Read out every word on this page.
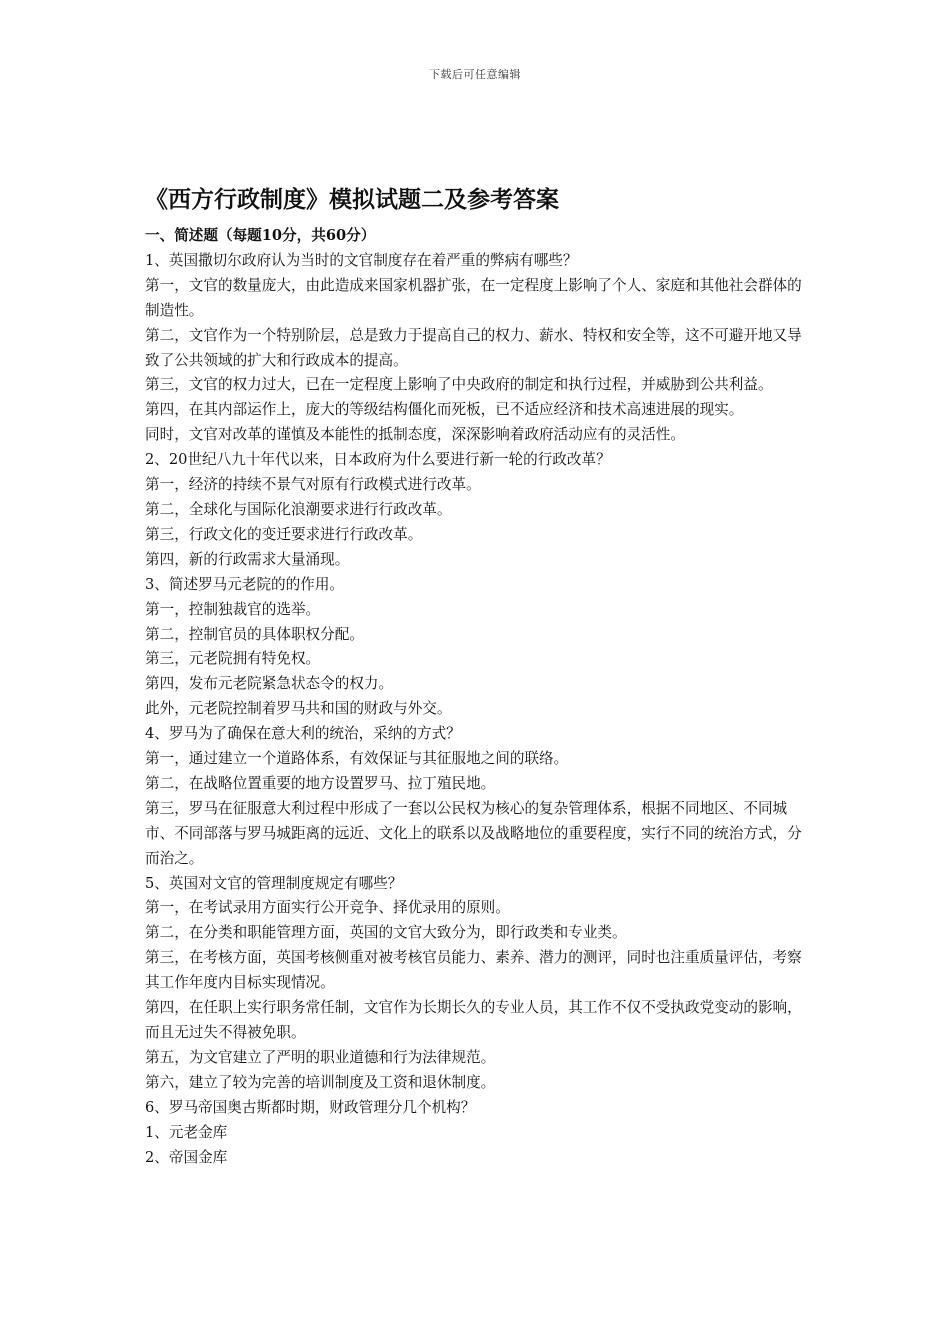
下载后可任意编辑
《西方行政制度》模拟试题二及参考答案

一、简述题（每题10分，共60分）

1、英国撒切尔政府认为当时的文官制度存在着严重的弊病有哪些？

第一，文官的数量庞大，由此造成来国家机器扩张，在一定程度上影响了个人、家庭和其他社会群体的制造性。

第二，文官作为一个特别阶层，总是致力于提高自己的权力、薪水、特权和安全等，这不可避开地又导致了公共领域的扩大和行政成本的提高。

第三，文官的权力过大，已在一定程度上影响了中央政府的制定和执行过程，并威胁到公共利益。

第四，在其内部运作上，庞大的等级结构僵化而死板，已不适应经济和技术高速进展的现实。

同时，文官对改革的谨慎及本能性的抵制态度，深深影响着政府活动应有的灵活性。

2、20世纪八九十年代以来，日本政府为什么要进行新一轮的行政改革？

第一，经济的持续不景气对原有行政模式进行改革。

第二，全球化与国际化浪潮要求进行行政改革。

第三，行政文化的变迁要求进行行政改革。

第四，新的行政需求大量涌现。

3、简述罗马元老院的的作用。

第一，控制独裁官的选举。

第二，控制官员的具体职权分配。

第三，元老院拥有特免权。

第四，发布元老院紧急状态令的权力。

此外，元老院控制着罗马共和国的财政与外交。

4、罗马为了确保在意大利的统治，采纳的方式？

第一，通过建立一个道路体系，有效保证与其征服地之间的联络。

第二，在战略位置重要的地方设置罗马、拉丁殖民地。

第三，罗马在征服意大利过程中形成了一套以公民权为核心的复杂管理体系，根据不同地区、不同城市、不同部落与罗马城距离的远近、文化上的联系以及战略地位的重要程度，实行不同的统治方式，分而治之。

5、英国对文官的管理制度规定有哪些？

第一，在考试录用方面实行公开竞争、择优录用的原则。

第二，在分类和职能管理方面，英国的文官大致分为，即行政类和专业类。

第三，在考核方面，英国考核侧重对被考核官员能力、素养、潜力的测评，同时也注重质量评估，考察其工作年度内目标实现情况。

第四，在任职上实行职务常任制，文官作为长期长久的专业人员，其工作不仅不受执政党变动的影响，而且无过失不得被免职。

第五，为文官建立了严明的职业道德和行为法律规范。

第六，建立了较为完善的培训制度及工资和退休制度。

6、罗马帝国奥古斯都时期，财政管理分几个机构？

1、元老金库

2、帝国金库
